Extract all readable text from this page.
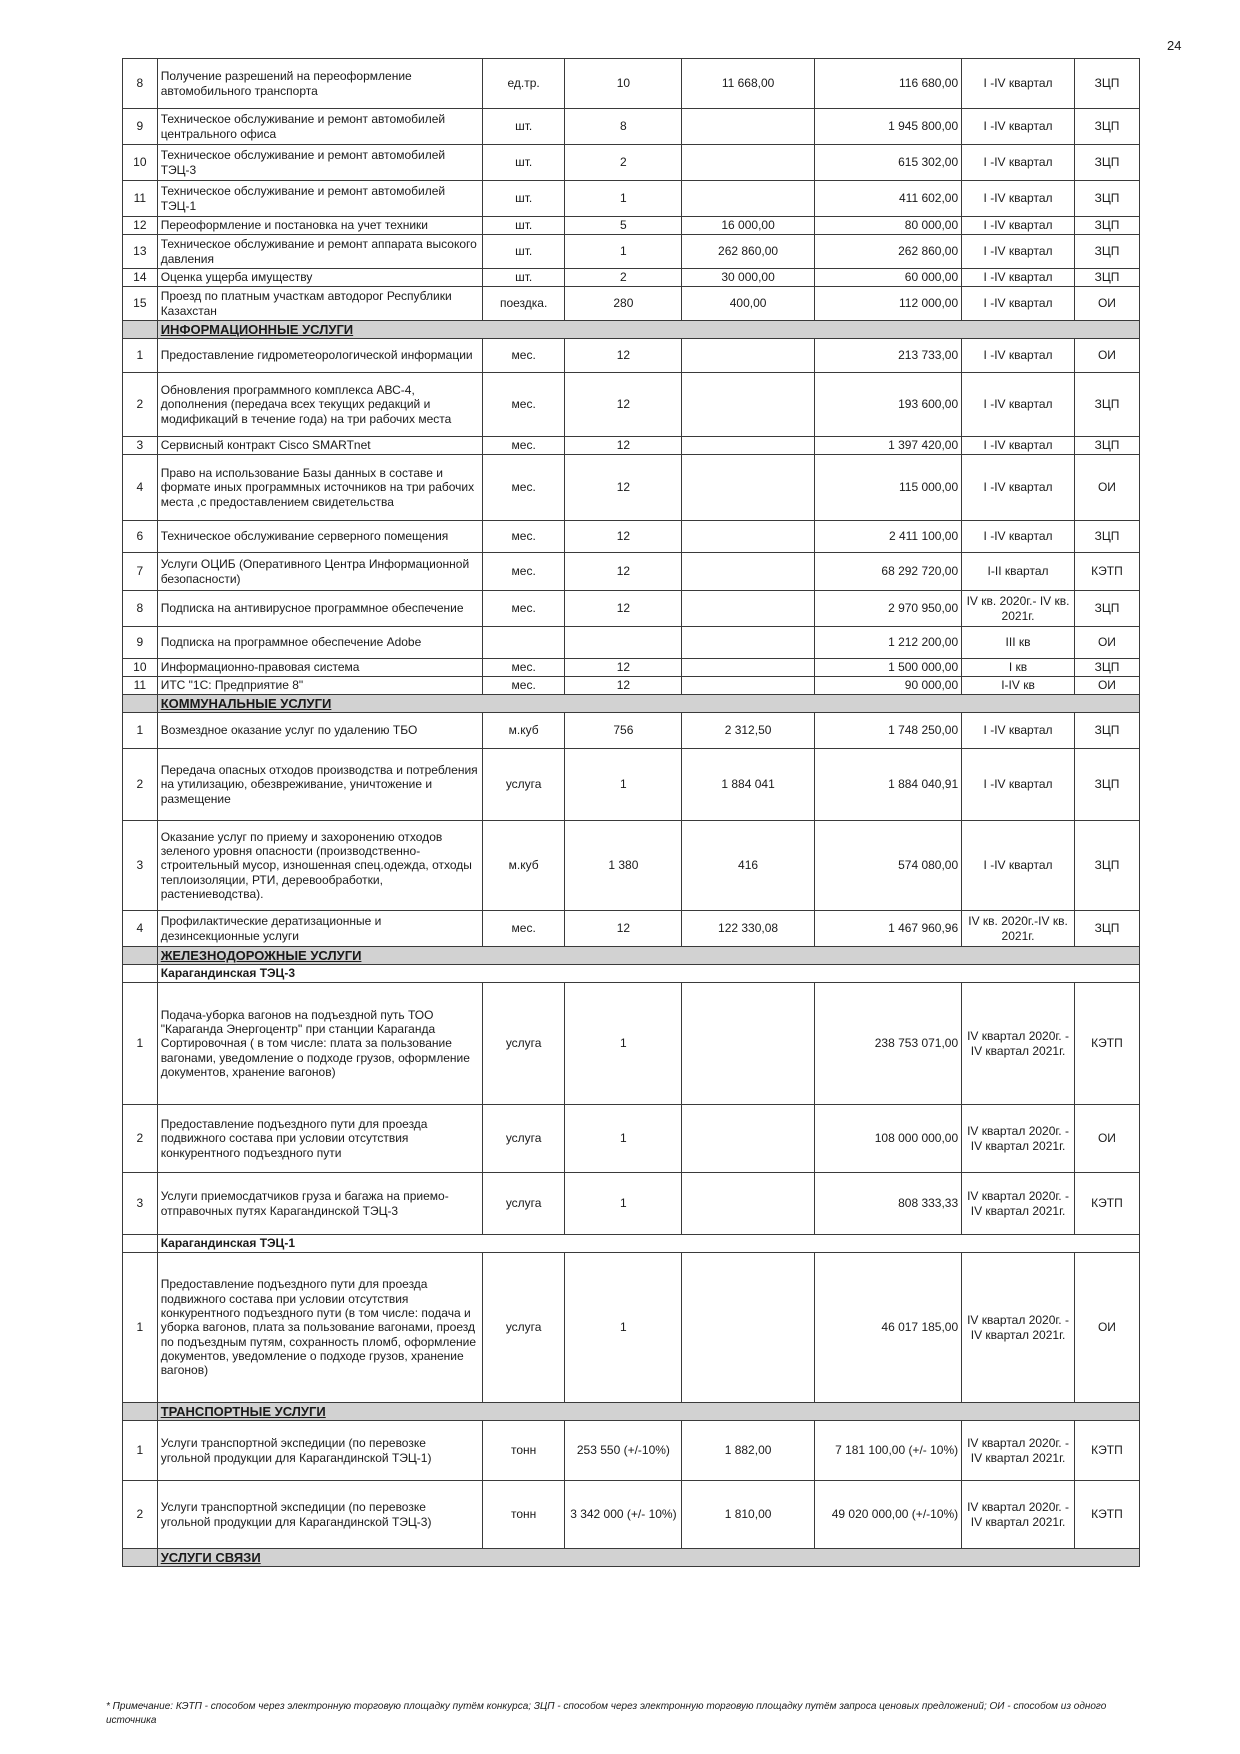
24
8	Получение разрешений на переоформление автомобильного транспорта	ед.тр.	10	11 668,00	116 680,00	I -IV квартал	ЗЦП
9	Техническое обслуживание и ремонт автомобилей центрального офиса	шт.	8		1 945 800,00	I -IV квартал	ЗЦП
10	Техническое обслуживание и ремонт автомобилей ТЭЦ-3	шт.	2		615 302,00	I -IV квартал	ЗЦП
11	Техническое обслуживание и ремонт автомобилей ТЭЦ-1	шт.	1		411 602,00	I -IV квартал	ЗЦП
12	Переоформление и постановка на учет техники	шт.	5	16 000,00	80 000,00	I -IV квартал	ЗЦП
13	Техническое обслуживание и ремонт аппарата высокого давления	шт.	1	262 860,00	262 860,00	I -IV квартал	ЗЦП
14	Оценка ущерба имуществу	шт.	2	30 000,00	60 000,00	I -IV квартал	ЗЦП
15	Проезд по платным участкам автодорог Республики Казахстан	поездка.	280	400,00	112 000,00	I -IV квартал	ОИ
	ИНФОРМАЦИОННЫЕ УСЛУГИ						
1	Предоставление гидрометеорологической информации	мес.	12		213 733,00	I -IV квартал	ОИ
2	Обновления программного комплекса АВС-4, дополнения (передача всех текущих редакций и модификаций в течение года) на три рабочих места	мес.	12		193 600,00	I -IV квартал	ЗЦП
3	Сервисный контракт Cisco SMARTnet	мес.	12		1 397 420,00	I -IV квартал	ЗЦП
4	Право на использование Базы данных в составе и формате иных программных источников на три рабочих места ,с предоставлением свидетельства	мес.	12		115 000,00	I -IV квартал	ОИ
6	Техническое обслуживание серверного помещения	мес.	12		2 411 100,00	I -IV квартал	ЗЦП
7	Услуги ОЦИБ (Оперативного Центра Информационной безопасности)	мес.	12		68 292 720,00	I-II квартал	КЭТП
8	Подписка на антивирусное программное обеспечение	мес.	12		2 970 950,00	IV кв. 2020г.- IV кв. 2021г.	ЗЦП
9	Подписка на программное обеспечение Adobe				1 212 200,00	III кв	ОИ
10	Информационно-правовая система	мес.	12		1 500 000,00	I кв	ЗЦП
11	ИТС "1С: Предприятие 8"	мес.	12		90 000,00	I-IV кв	ОИ
	КОММУНАЛЬНЫЕ УСЛУГИ						
1	Возмездное оказание услуг по удалению ТБО	м.куб	756	2 312,50	1 748 250,00	I -IV квартал	ЗЦП
2	Передача опасных отходов производства и потребления на утилизацию, обезвреживание, уничтожение и размещение	услуга	1	1 884 041	1 884 040,91	I -IV квартал	ЗЦП
3	Оказание услуг по приему и захоронению отходов зеленого уровня опасности (производственно-строительный мусор, изношенная спец.одежда, отходы теплоизоляции, РТИ, деревообработки, растениеводства).	м.куб	1 380	416	574 080,00	I -IV квартал	ЗЦП
4	Профилактические дератизационные и дезинсекционные услуги	мес.	12	122 330,08	1 467 960,96	IV кв. 2020г.-IV кв. 2021г.	ЗЦП
	ЖЕЛЕЗНОДОРОЖНЫЕ УСЛУГИ						
	Карагандинская ТЭЦ-3						
1	Подача-уборка вагонов на подъездной путь ТОО "Караганда Энергоцентр" при станции Караганда Сортировочная ( в том числе: плата за пользование вагонами, уведомление о подходе грузов, оформление документов, хранение вагонов)	услуга	1		238 753 071,00	IV квартал 2020г. - IV квартал 2021г.	КЭТП
2	Предоставление подъездного пути для проезда подвижного состава при условии отсутствия конкурентного подъездного пути	услуга	1		108 000 000,00	IV квартал 2020г. - IV квартал 2021г.	ОИ
3	Услуги приемосдатчиков груза и багажа на приемо-отправочных путях Карагандинской ТЭЦ-3	услуга	1		808 333,33	IV квартал 2020г. - IV квартал 2021г.	КЭТП
	Карагандинская ТЭЦ-1						
1	Предоставление подъездного пути для проезда подвижного состава при условии отсутствия конкурентного подъездного пути (в том числе: подача и уборка вагонов, плата за пользование вагонами, проезд по подъездным путям, сохранность пломб, оформление документов, уведомление о подходе грузов, хранение вагонов)	услуга	1		46 017 185,00	IV квартал 2020г. - IV квартал 2021г.	ОИ
	ТРАНСПОРТНЫЕ УСЛУГИ						
1	Услуги транспортной экспедиции (по перевозке угольной продукции для Карагандинской ТЭЦ-1)	тонн	253 550 (+/-10%)	1 882,00	7 181 100,00 (+/- 10%)	IV квартал 2020г. - IV квартал 2021г.	КЭТП
2	Услуги транспортной экспедиции (по перевозке угольной продукции для Карагандинской ТЭЦ-3)	тонн	3 342 000 (+/- 10%)	1 810,00	49 020 000,00 (+/-10%)	IV квартал 2020г. - IV квартал 2021г.	КЭТП
	УСЛУГИ СВЯЗИ						
* Примечание: КЭТП - способом через электронную торговую площадку путём конкурса; ЗЦП - способом через электронную торговую площадку путём запроса ценовых предложений; ОИ - способом из одного источника
